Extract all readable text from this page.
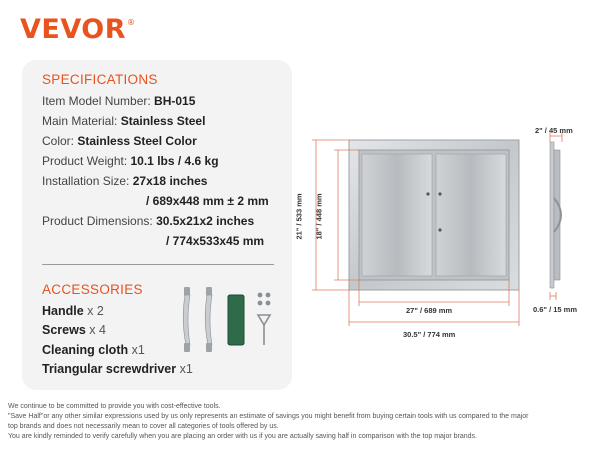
VEVOR®
SPECIFICATIONS
Item Model Number: BH-015
Main Material: Stainless Steel
Color: Stainless Steel Color
Product Weight: 10.1 lbs / 4.6 kg
Installation Size: 27x18 inches
/ 689x448 mm ± 2 mm
Product Dimensions: 30.5x21x2 inches
/ 774x533x45 mm
ACCESSORIES
Handle x 2
Screws x 4
Cleaning cloth x1
Triangular screwdriver x1
21" / 533 mm 18" / 448 mm
27" / 689 mm
30.5" / 774 mm
2" / 45 mm
0.6" / 15 mm
We continue to be committed to provide you with cost-effective tools.
"Save Half"or any other similar expressions used by us only represents an estimate of savings you might benefit from buying certain tools with us compared to the major
top brands and does not necessarily mean to cover all categories of tools offered by us.
You are kindly reminded to verify carefully when you are placing an order with us if you are actually saving half in comparison with the top major brands.
